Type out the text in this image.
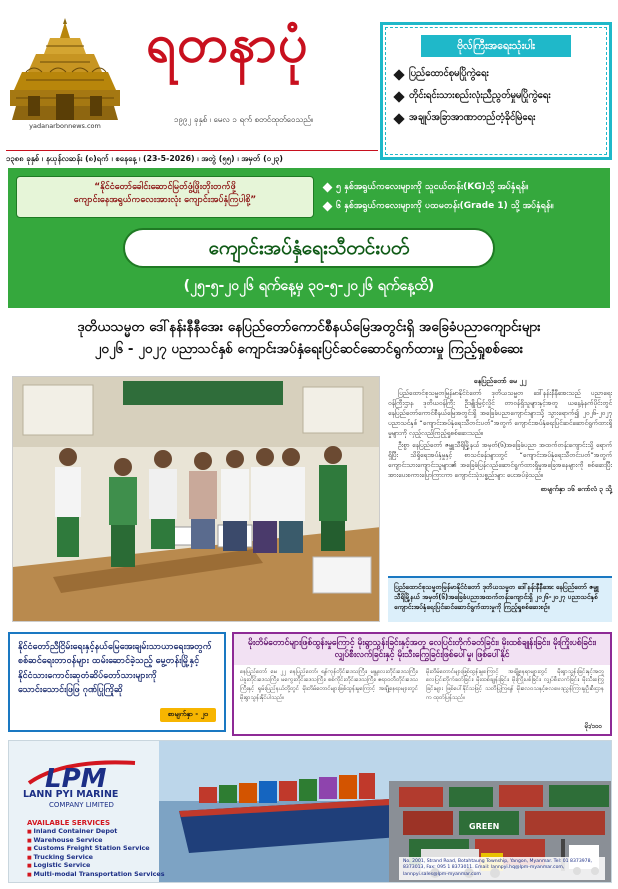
yadanarbonnews.com
ရတနာပုံ
၁၉၉၂ ခုနှစ် ၊ မေလ ၁ ရက် စတင်ထုတ်ဝေသည်။
၁၃၈၈ ခုနှစ် ၊ နယုန်လဆန်း (၈)ရက် ၊ စနေနေ့ ၊ (23-5-2026) ၊ အတွဲ (၅၅) ၊ အမှတ် (၀၂၃)
ဗိုလ်ကြီးအရေးသုံးပါး
ပြည်ထောင်စုမပြိုကွဲရေး
တိုင်းရင်းသားစည်းလုံးညီညွတ်မှုမပြိုကွဲရေး
အချုပ်အခြာအာဏာတည်တံ့ခိုင်မြဲရေး
“နိုင်ငံတော်ခေါင်းဆောင်မြတ်ဖွံ့ဖြိုးတိုးတက်ဖို့
ကျောင်းနေအရွယ်ကလေးအားလုံး ကျောင်းအပ်နှံကြပါစို့”
၅ နှစ်အရွယ်ကလေးများကို သူငယ်တန်း(KG)သို့ အပ်နှံရန်။
၆ နှစ်အရွယ်ကလေးများကို ပထမတန်း(Grade 1) သို့ အပ်နှံရန်။
ကျောင်းအပ်နှံရေးသီတင်းပတ်
(၂၅-၅-၂၀၂၆ ရက်နေ့မှ ၃၀-၅-၂၀၂၆ ရက်နေ့ထိ)
ဒုတိယသမ္မတ ဒေါ်နန်းနီနီအေး နေပြည်တော်ကောင်စီနယ်မြေအတွင်းရှိ အခြေခံပညာကျောင်းများ
၂၀၂၆ - ၂၀၂၇ ပညာသင်နှစ် ကျောင်းအပ်နှံရေးပြင်ဆင်ဆောင်ရွက်ထားမှု ကြည့်ရှုစစ်ဆေး
နေပြည်တော် မေ ၂၂

ပြည်ထောင်စုသမ္မတမြန်မာနိုင်ငံတော် ဒုတိယသမ္မတ ဒေါ်နန်းနီနီအေးသည် ပညာရေးဝန်ကြီးဌာန ဒုတိယဝန်ကြီး ဦးမျိုးမြင့်လှိုင် တာဝန်ရှိသူများနှင့်အတူ ယနေ့နံနက်ပိုင်းတွင် နေပြည်တော်ကောင်စီနယ်မြေအတွင်းရှိ အခြေခံပညာကျောင်းများသို့ သွားရောက်၍ ၂၀၂၆-၂၀၂၇ ပညာသင်နှစ် “ကျောင်းအပ်နှံရေးသီတင်းပတ်”အတွက် ကျောင်းအပ်နှံရေးပြင်ဆင်ဆောင်ရွက်ထားရှိမှုများကို လှည့်လည်ကြည့်ရှုစစ်ဆေးသည်။

ဦးစွာ နေပြည်တော် ဇမ္ဗူသီရိမြို့နယ် အမှတ်(၆)အခြေခံပညာ အထက်တန်းကျောင်းသို့ ရောက်ရှိပြီး သိရှိရေးအပ်နှံမှုနှင့် စာသင်ခန်းများတွင် “ကျောင်းအပ်နှံရေးသီတင်းပတ်”အတွက် ကျောင်းသားကျောင်းသူများ၏ အခြေခံပြန်လည်ဆောင်ရွက်ထားရှိမှုအခြေအနေများကို စစ်ဆေးပြီး အားပေးစကားပြောကြားကာ ကျောင်းသုံးပစ္စည်းများ ပေးအပ်ခဲ့သည်။

စာမျက်နှာ ၁၆ ကော်လံ ၃ သို့
ပြည်ထောင်စုသမ္မတမြန်မာနိုင်ငံတော် ဒုတိယသမ္မတ ဒေါ်နန်းနီနီအေး နေပြည်တော် ဇမ္ဗူသီရိမြို့နယ် အမှတ်(၆)အခြေခံပညာအထက်တန်းကျောင်းရှိ ၂၀၂၆-၂၀၂၇ ပညာသင်နှစ် ကျောင်းအပ်နှံရေးပြင်ဆင်ဆောင်ရွက်ထားမှုကို ကြည့်ရှုစစ်ဆေးစဉ်။
နိုင်ငံတော်ညီငြိမ်းရေးနှင့်နယ်မြေအေးချမ်းသာယာရေးအတွက် စစ်ဆင်ရေးတာဝန်များ ထမ်းဆောင်ခဲ့သည့် မွေ့တန်းမြို့နှင့် နိုင်ငံသားကောင်းဆုတံဆိပ်တော်သားများကို သောင်းသောင်းဖြဖြ ဂုဏ်ပြုကြိုဆို
စာမျက်နှာ - ၂၀
မိုးတိမ်တောင်များဖြစ်ထွန်းမှုကြောင့် မိုးရွာသွန်းခြင်းနှင့်အတူ လေပြင်းတိုက်ခတ်ခြင်း၊ မိုးထစ်ချုန်းခြင်း၊ မိုးကြိုးပစ်ခြင်း၊ လျှပ်စီးလက်ခြင်းနှင့် မိုးသီးကြွေခြင်းဖြစ်ပေါ်မှု၊ ဖြစ်ပေါ်နိုင်
နေပြည်တော် မေ ၂၂ နေပြည်တော်၊ ရန်ကုန်တိုင်းဒေသကြီး၊ မန္တလေးတိုင်းဒေသကြီး၊ ပဲခူးတိုင်းဒေသကြီး၊ မကွေးတိုင်းဒေသကြီး၊ စစ်ကိုင်းတိုင်းဒေသကြီး၊ ဧရာဝတီတိုင်းဒေသကြီးနှင့် ရှမ်းပြည်နယ်တို့တွင် မိုးတိမ်တောင်များဖြစ်ထွန်းမှုကြောင့် အချို့နေရာများတွင် မိုးရွာသွန်းနိုင်ပါသည်။
မိုးတိမ်တောင်များဖြစ်ထွန်းမှုကြောင့် အချို့နေရာများတွင် မိုးရွာသွန်းခြင်းနှင့်အတူ လေပြင်းတိုက်ခတ်ခြင်း၊ မိုးထစ်ချုန်းခြင်း၊ မိုးကြိုးပစ်ခြင်း၊ လျှပ်စီးလက်ခြင်း၊ မိုးသီးကြွေခြင်းများ ဖြစ်ပေါ်နိုင်သဖြင့် သတိပြုကြရန် မိုးလေဝသနှင့်ဇလဗေဒညွှန်ကြားမှုဦးစီးဌာနက ထုတ်ပြန်သည်။
မိုး/၁၀၀
GREEN
LPM
LANN PYI MARINE
COMPANY LIMITED
AVAILABLE SERVICES
■ Inland Container Depot
■ Warehouse Service
■ Customs Freight Station Service
■ Trucking Service
■ Logistic Service
■ Multi-modal Transportation Services
No. 2001, Strand Road, Botahtaung Township, Yangon, Myanmar. Tel: 01 8373978, 8373013, Fax: 095 1 8373011. Email: lannpyi.hq@lpm-myanmar.com, lannpyi.sales@lpm-myanmar.com
